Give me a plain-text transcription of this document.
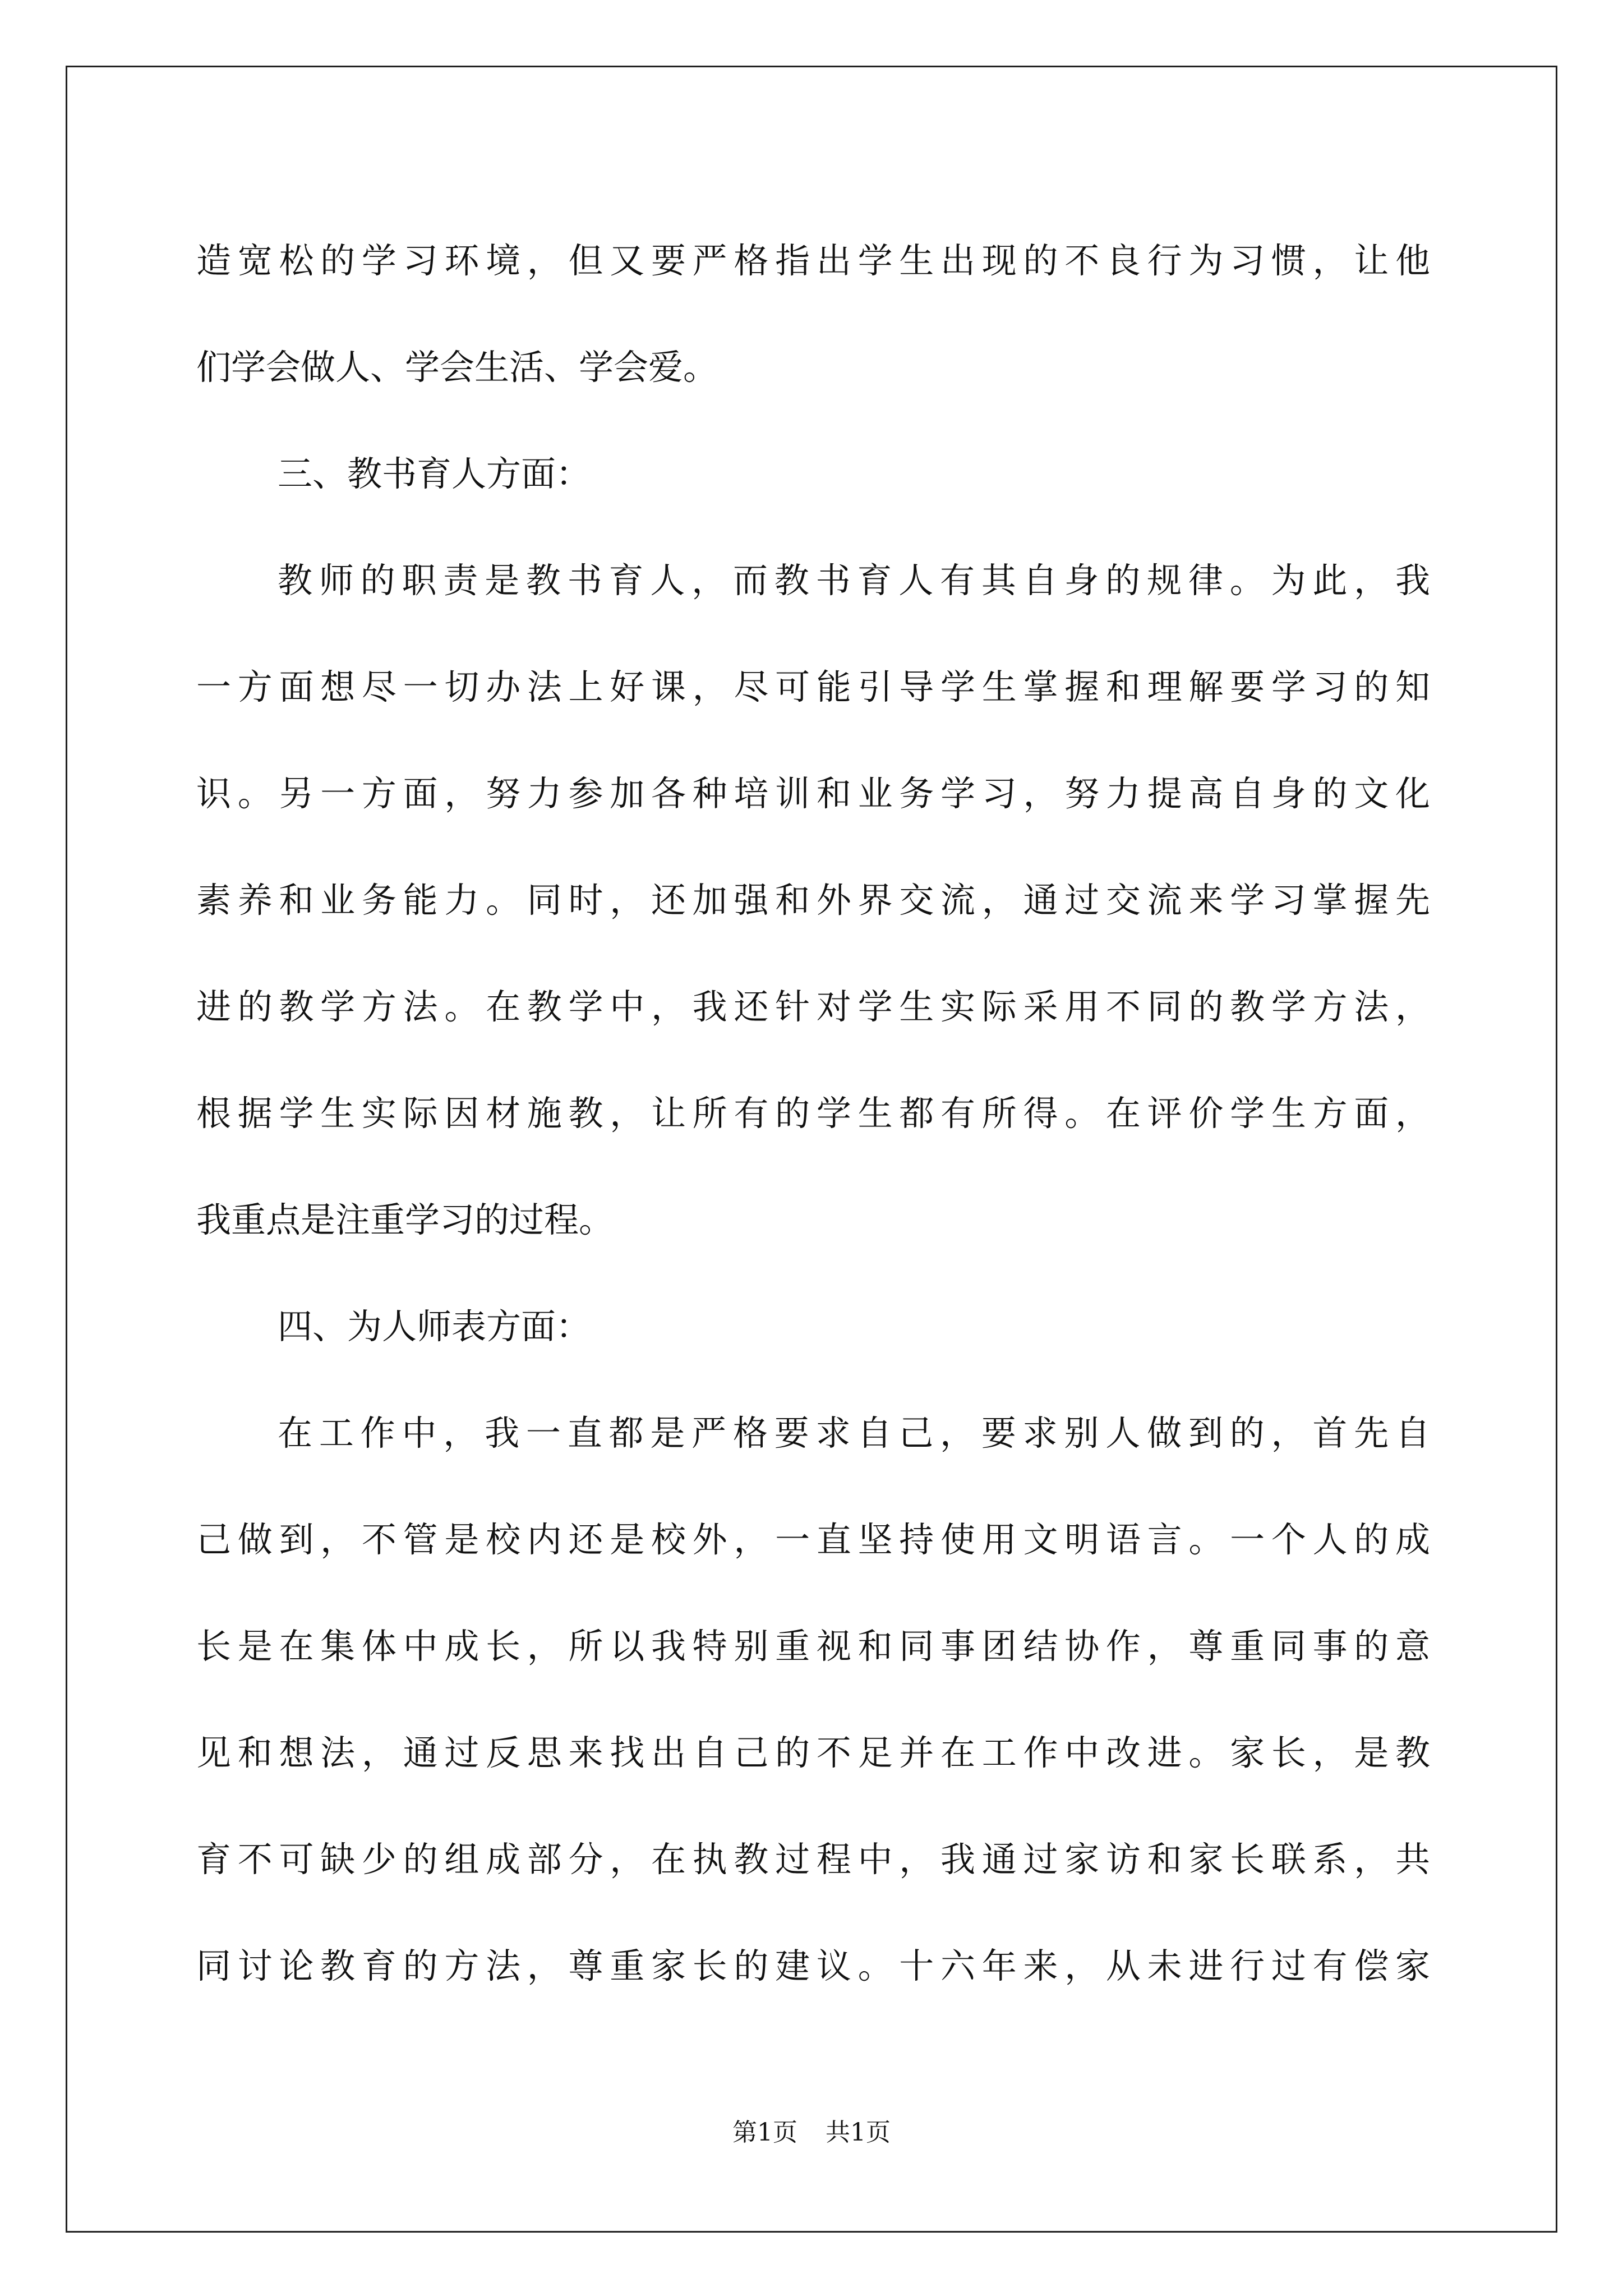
造宽松的学习环境，但又要严格指出学生出现的不良行为习惯，让他
们学会做人、学会生活、学会爱。
三、教书育人方面：
教师的职责是教书育人，而教书育人有其自身的规律。为此，我
一方面想尽一切办法上好课，尽可能引导学生掌握和理解要学习的知
识。另一方面，努力参加各种培训和业务学习，努力提高自身的文化
素养和业务能力。同时，还加强和外界交流，通过交流来学习掌握先
进的教学方法。在教学中，我还针对学生实际采用不同的教学方法，
根据学生实际因材施教，让所有的学生都有所得。在评价学生方面，
我重点是注重学习的过程。
四、为人师表方面：
在工作中，我一直都是严格要求自己，要求别人做到的，首先自
己做到，不管是校内还是校外，一直坚持使用文明语言。一个人的成
长是在集体中成长，所以我特别重视和同事团结协作，尊重同事的意
见和想法，通过反思来找出自己的不足并在工作中改进。家长，是教
育不可缺少的组成部分，在执教过程中，我通过家访和家长联系，共
同讨论教育的方法，尊重家长的建议。十六年来，从未进行过有偿家
第1页 共1页
